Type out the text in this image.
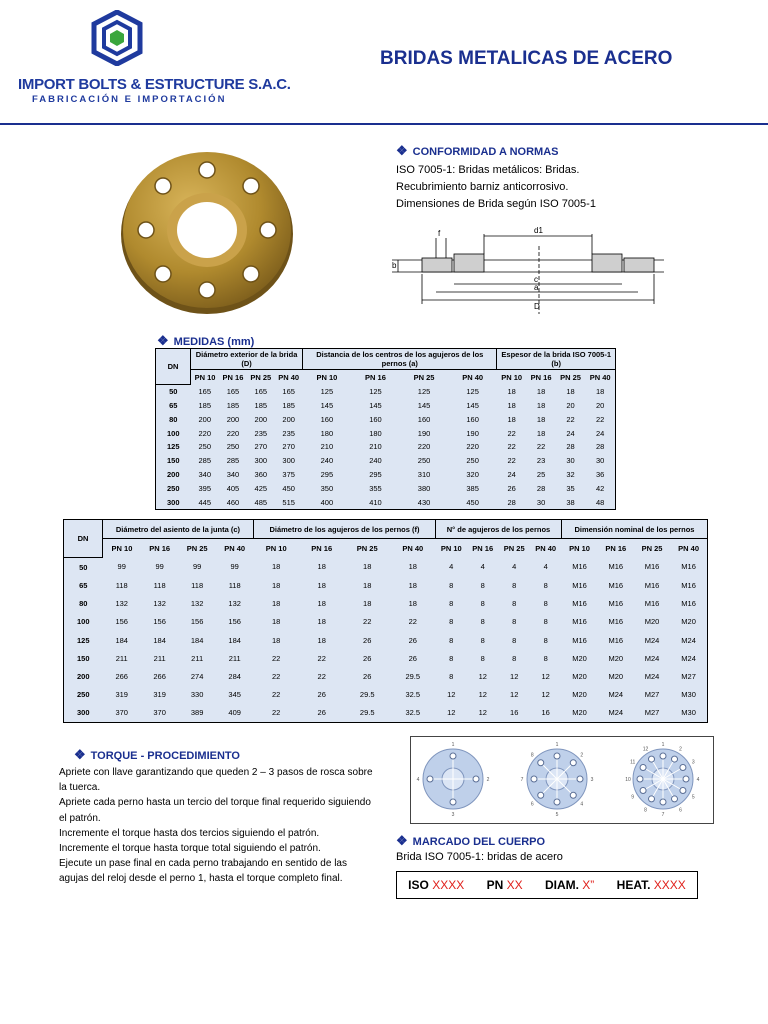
IMPORT BOLTS & ESTRUCTURE S.A.C.
FABRICACIÓN E IMPORTACIÓN
BRIDAS METALICAS DE ACERO
❖ CONFORMIDAD A NORMAS
ISO 7005-1: Bridas metálicos: Bridas.
Recubrimiento barniz anticorrosivo.
Dimensiones de Brida según ISO 7005-1
d1
f
b
c
a
D
❖ MEDIDAS (mm)
DN	Diámetro exterior de la brida (D)				Distancia de los centros de los agujeros de los pernos (a)				Espesor de la brida ISO 7005-1 (b)			
	PN 10	PN 16	PN 25	PN 40	PN 10	PN 16	PN 25	PN 40	PN 10	PN 16	PN 25	PN 40
50	165	165	165	165	125	125	125	125	18	18	18	18
65	185	185	185	185	145	145	145	145	18	18	20	20
80	200	200	200	200	160	160	160	160	18	18	22	22
100	220	220	235	235	180	180	190	190	22	18	24	24
125	250	250	270	270	210	210	220	220	22	22	28	28
150	285	285	300	300	240	240	250	250	22	23	30	30
200	340	340	360	375	295	295	310	320	24	25	32	36
250	395	405	425	450	350	355	380	385	26	28	35	42
300	445	460	485	515	400	410	430	450	28	30	38	48
DN	Diámetro del asiento de la junta (c)				Diámetro de los agujeros de los pernos (f)				N° de agujeros de los pernos				Dimensión nominal de los pernos			
	PN 10	PN 16	PN 25	PN 40	PN 10	PN 16	PN 25	PN 40	PN 10	PN 16	PN 25	PN 40	PN 10	PN 16	PN 25	PN 40
50	99	99	99	99	18	18	18	18	4	4	4	4	M16	M16	M16	M16
65	118	118	118	118	18	18	18	18	8	8	8	8	M16	M16	M16	M16
80	132	132	132	132	18	18	18	18	8	8	8	8	M16	M16	M16	M16
100	156	156	156	156	18	18	22	22	8	8	8	8	M16	M16	M20	M20
125	184	184	184	184	18	18	26	26	8	8	8	8	M16	M16	M24	M24
150	211	211	211	211	22	22	26	26	8	8	8	8	M20	M20	M24	M24
200	266	266	274	284	22	22	26	29.5	8	12	12	12	M20	M20	M24	M27
250	319	319	330	345	22	26	29.5	32.5	12	12	12	12	M20	M24	M27	M30
300	370	370	389	409	22	26	29.5	32.5	12	12	16	16	M20	M24	M27	M30
❖ TORQUE - PROCEDIMIENTO
Apriete con llave garantizando que queden 2 – 3 pasos de rosca sobre la tuerca.
Apriete cada perno hasta un tercio del torque final requerido siguiendo el patrón.
Incremente el torque hasta dos tercios siguiendo el patrón.
Incremente el torque hasta torque total siguiendo el patrón.
Ejecute un pase final en cada perno trabajando en sentido de las agujas del reloj desde el perno 1, hasta el torque completo final.
1
2
3
4
1
2
3
4
5
6
7
8
1
2
3
4
5
6
7
8
9
10
11
12
❖ MARCADO DEL CUERPO
Brida ISO 7005-1: bridas de acero
ISO XXXX PN XX DIAM. X” HEAT. XXXX
